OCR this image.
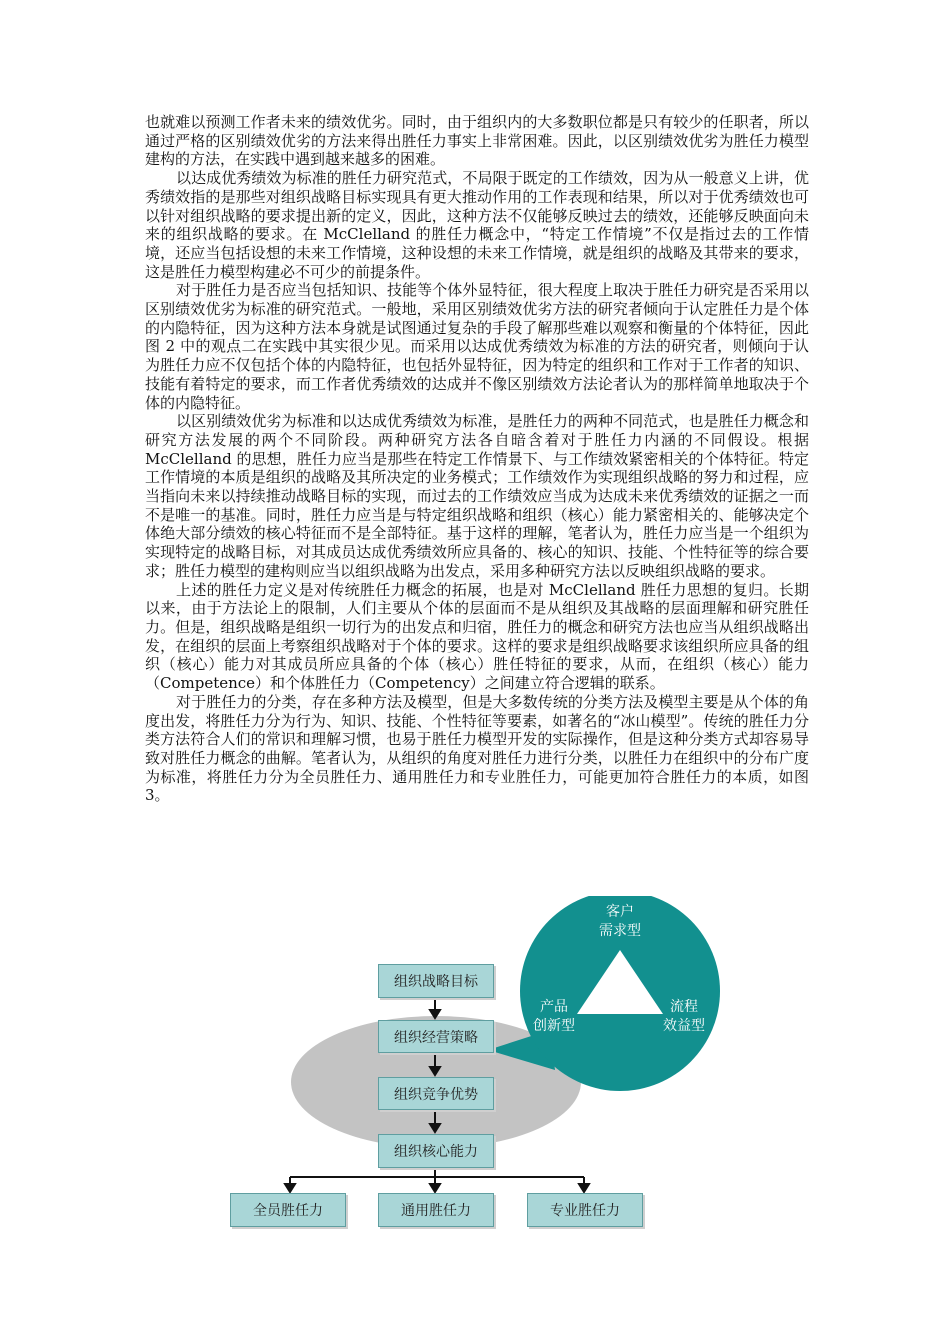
也就难以预测工作者未来的绩效优劣。同时，由于组织内的大多数职位都是只有较少的任职者，所以通过严格的区别绩效优劣的方法来得出胜任力事实上非常困难。因此，以区别绩效优劣为胜任力模型建构的方法，在实践中遇到越来越多的困难。

以达成优秀绩效为标准的胜任力研究范式，不局限于既定的工作绩效，因为从一般意义上讲，优秀绩效指的是那些对组织战略目标实现具有更大推动作用的工作表现和结果，所以对于优秀绩效也可以针对组织战略的要求提出新的定义，因此，这种方法不仅能够反映过去的绩效，还能够反映面向未来的组织战略的要求。在 McClelland 的胜任力概念中，“特定工作情境”不仅是指过去的工作情境，还应当包括设想的未来工作情境，这种设想的未来工作情境，就是组织的战略及其带来的要求，这是胜任力模型构建必不可少的前提条件。

对于胜任力是否应当包括知识、技能等个体外显特征，很大程度上取决于胜任力研究是否采用以区别绩效优劣为标准的研究范式。一般地，采用区别绩效优劣方法的研究者倾向于认定胜任力是个体的内隐特征，因为这种方法本身就是试图通过复杂的手段了解那些难以观察和衡量的个体特征，因此图 2 中的观点二在实践中其实很少见。而采用以达成优秀绩效为标准的方法的研究者，则倾向于认为胜任力应不仅包括个体的内隐特征，也包括外显特征，因为特定的组织和工作对于工作者的知识、技能有着特定的要求，而工作者优秀绩效的达成并不像区别绩效方法论者认为的那样简单地取决于个体的内隐特征。

以区别绩效优劣为标准和以达成优秀绩效为标准，是胜任力的两种不同范式，也是胜任力概念和研究方法发展的两个不同阶段。两种研究方法各自暗含着对于胜任力内涵的不同假设。根据 McClelland 的思想，胜任力应当是那些在特定工作情景下、与工作绩效紧密相关的个体特征。特定工作情境的本质是组织的战略及其所决定的业务模式；工作绩效作为实现组织战略的努力和过程，应当指向未来以持续推动战略目标的实现，而过去的工作绩效应当成为达成未来优秀绩效的证据之一而不是唯一的基准。同时，胜任力应当是与特定组织战略和组织（核心）能力紧密相关的、能够决定个体绝大部分绩效的核心特征而不是全部特征。基于这样的理解，笔者认为，胜任力应当是一个组织为实现特定的战略目标，对其成员达成优秀绩效所应具备的、核心的知识、技能、个性特征等的综合要求；胜任力模型的建构则应当以组织战略为出发点，采用多种研究方法以反映组织战略的要求。

上述的胜任力定义是对传统胜任力概念的拓展，也是对 McClelland 胜任力思想的复归。长期以来，由于方法论上的限制，人们主要从个体的层面而不是从组织及其战略的层面理解和研究胜任力。但是，组织战略是组织一切行为的出发点和归宿，胜任力的概念和研究方法也应当从组织战略出发，在组织的层面上考察组织战略对于个体的要求。这样的要求是组织战略要求该组织所应具备的组织（核心）能力对其成员所应具备的个体（核心）胜任特征的要求，从而，在组织（核心）能力（Competence）和个体胜任力（Competency）之间建立符合逻辑的联系。

对于胜任力的分类，存在多种方法及模型，但是大多数传统的分类方法及模型主要是从个体的角度出发，将胜任力分为行为、知识、技能、个性特征等要素，如著名的“冰山模型”。传统的胜任力分类方法符合人们的常识和理解习惯，也易于胜任力模型开发的实际操作，但是这种分类方式却容易导致对胜任力概念的曲解。笔者认为，从组织的角度对胜任力进行分类，以胜任力在组织中的分布广度为标准，将胜任力分为全员胜任力、通用胜任力和专业胜任力，可能更加符合胜任力的本质，如图 3。

组织战略目标
组织经营策略
组织竞争优势
组织核心能力
全员胜任力	通用胜任力	专业胜任力
客户
需求型
产品
创新型
流程
效益型
